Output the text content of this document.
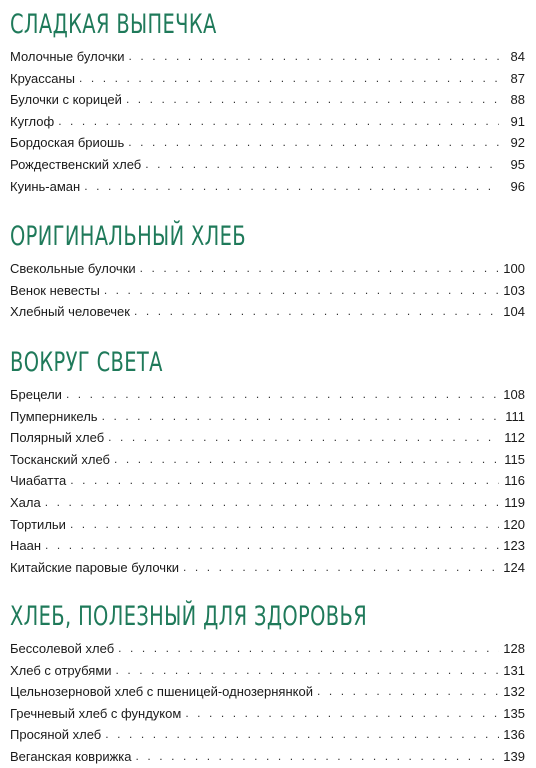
СЛАДКАЯ ВЫПЕЧКА
Молочные булочки . . .	84
Круассаны . . .	87
Булочки с корицей . . .	88
Куглоф . . .	91
Бордоская бриошь . . .	92
Рождественский хлеб . . .	95
Куинь-аман . . .	96
ОРИГИНАЛЬНЫЙ ХЛЕБ
Свекольные булочки . . .	100
Венок невесты . . .	103
Хлебный человечек . . .	104
ВОКРУГ СВЕТА
Брецели . . .	108
Пумперникель . . .	111
Полярный хлеб . . .	112
Тосканский хлеб . . .	115
Чиабатта . . .	116
Хала . . .	119
Тортильи . . .	120
Наан . . .	123
Китайские паровые булочки . . .	124
ХЛЕБ, ПОЛЕЗНЫЙ ДЛЯ ЗДОРОВЬЯ
Бессолевой хлеб . . .	128
Хлеб с отрубями . . .	131
Цельнозерновой хлеб с пшеницей-однозернянкой . . .	132
Гречневый хлеб с фундуком . . .	135
Просяной хлеб . . .	136
Веганская коврижка . . .	139
